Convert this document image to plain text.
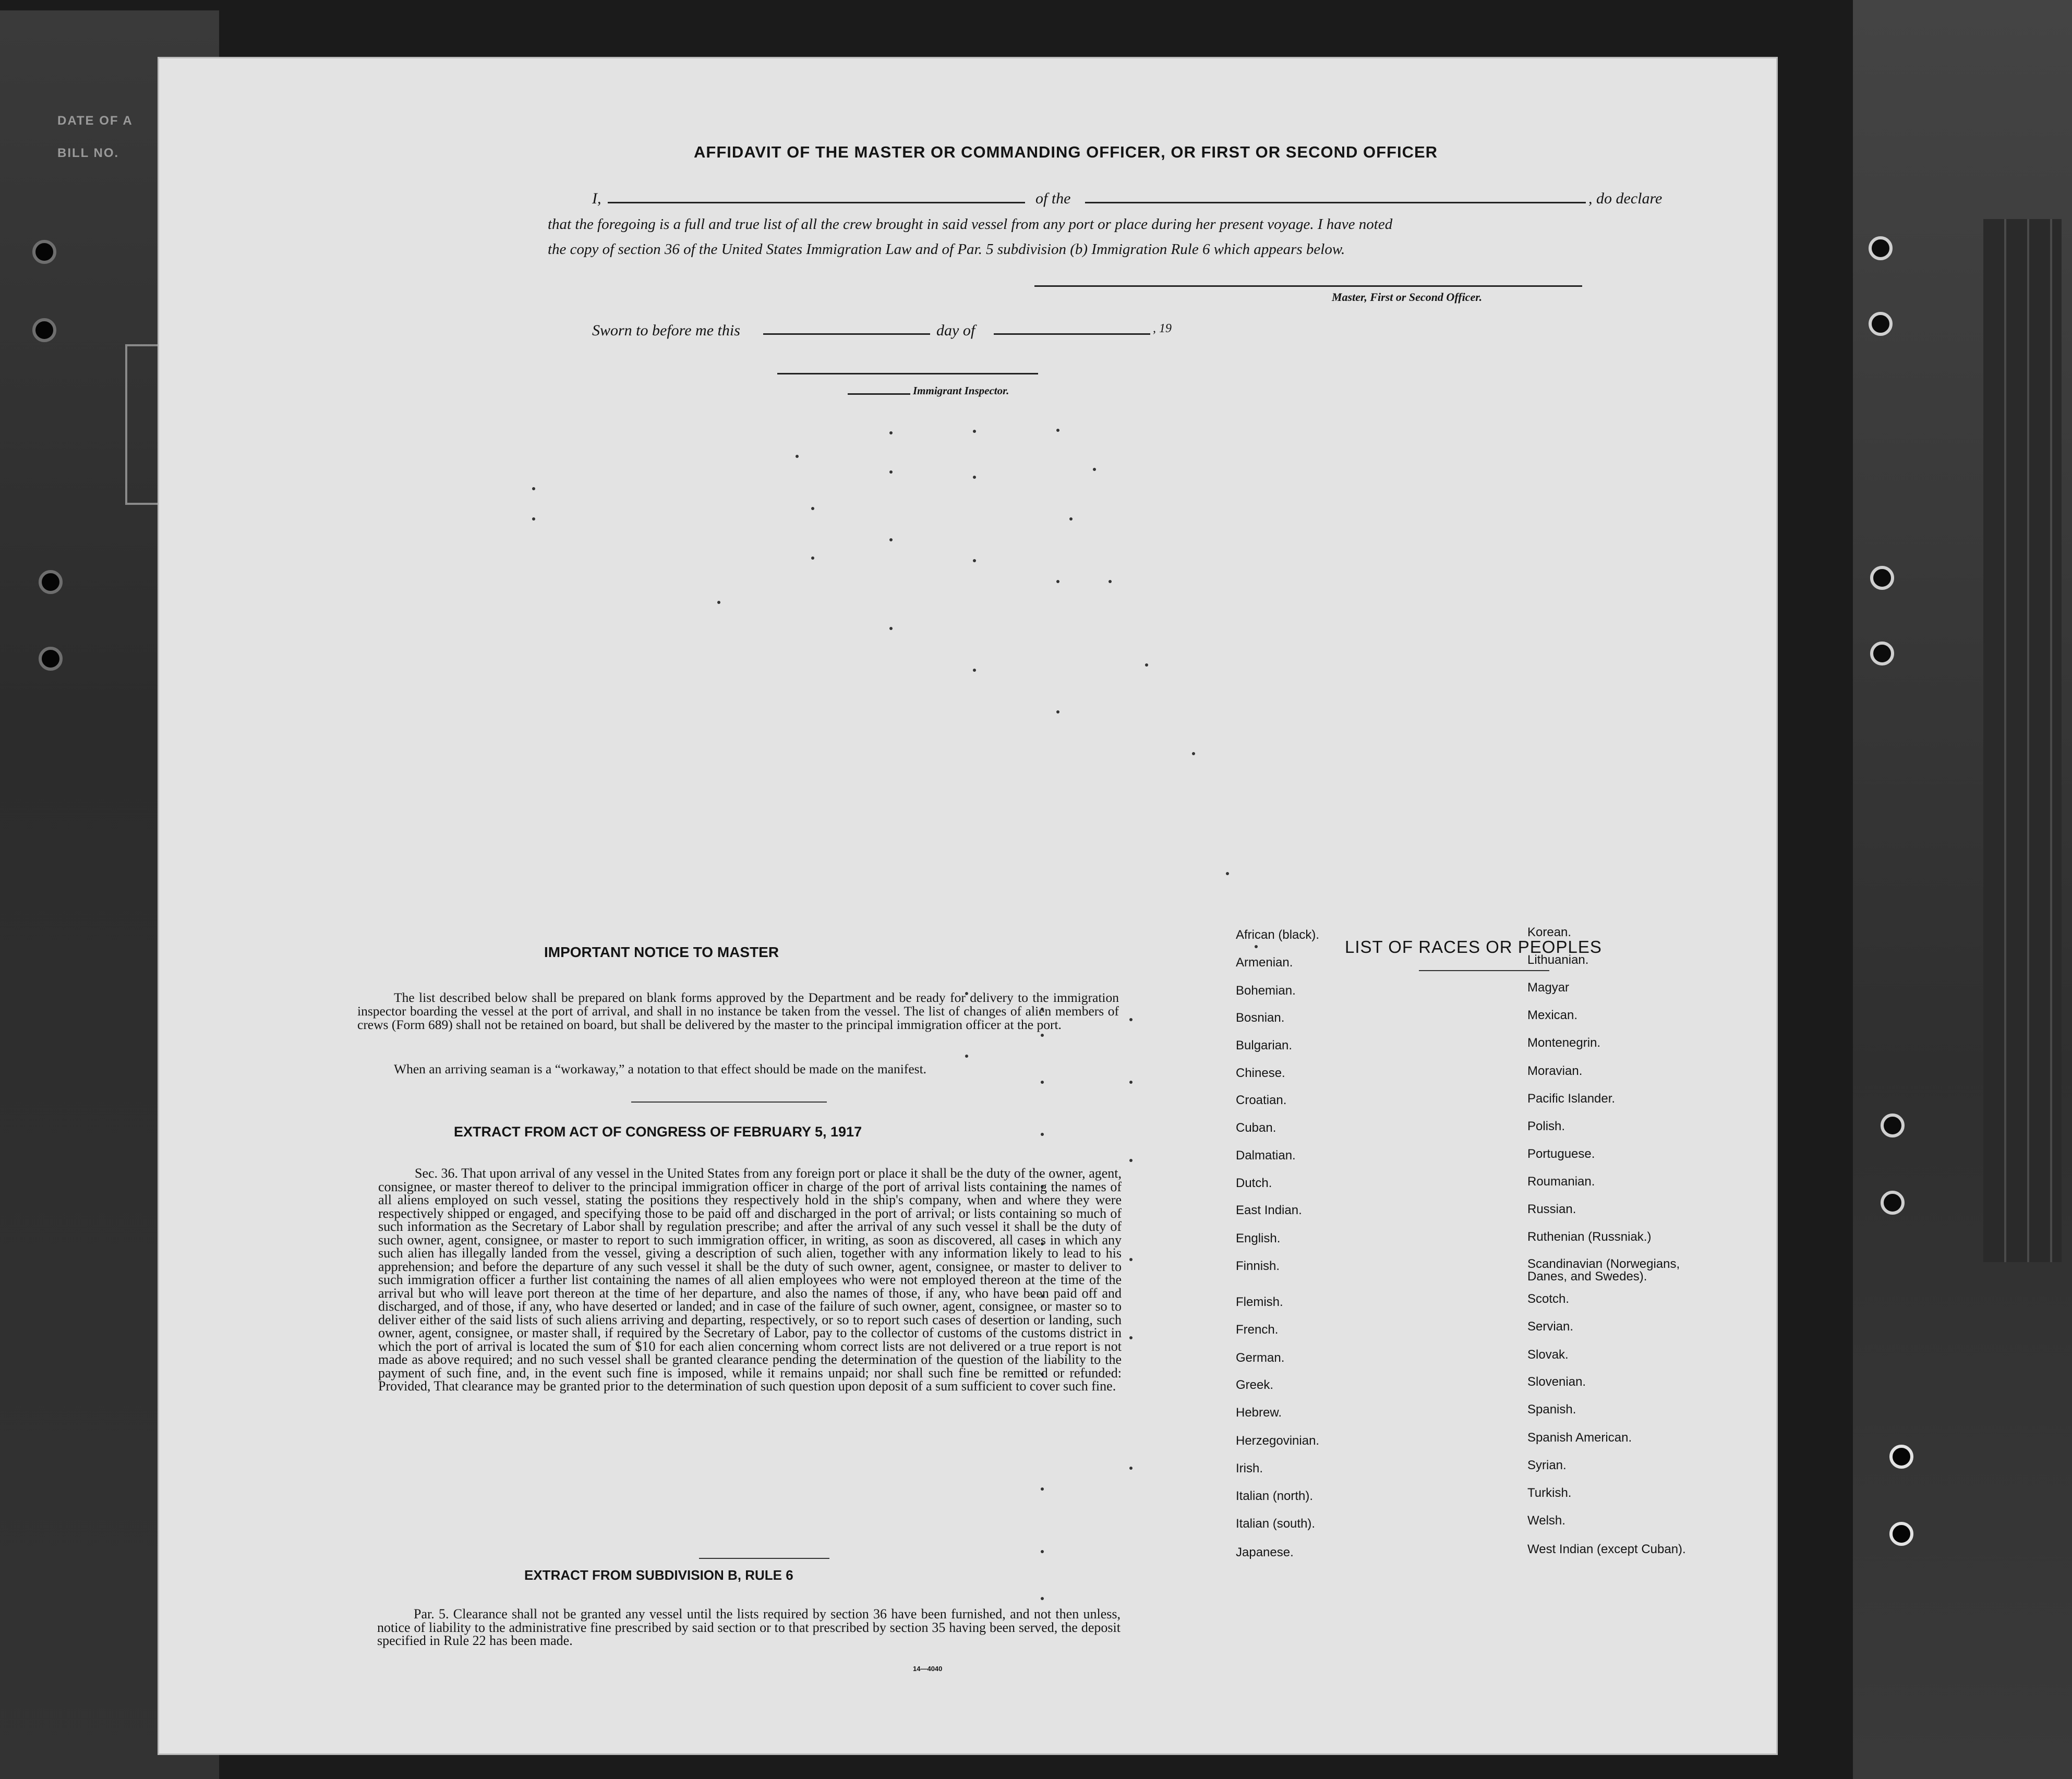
DATE OF A
BILL NO.	AFFIDAVIT OF THE MASTER OR COMMANDING OFFICER, OR FIRST OR SECOND OFFICER
I,	of the	, do declare
that the foregoing is a full and true list of all the crew brought in said vessel from any port or place during her present voyage. I have noted
the copy of section 36 of the United States Immigration Law and of Par. 5 subdivision (b) Immigration Rule 6 which appears below.
Master, First or Second Officer.
Sworn to before me this	day of	, 19
Immigrant Inspector.
IMPORTANT NOTICE TO MASTER
The list described below shall be prepared on blank forms approved by the Department and be ready for delivery to the immigration inspector boarding the vessel at the port of arrival, and shall in no instance be taken from the vessel. The list of changes of alien members of crews (Form 689) shall not be retained on board, but shall be delivered by the master to the principal immigration officer at the port.
When an arriving seaman is a “workaway,” a notation to that effect should be made on the manifest.
EXTRACT FROM ACT OF CONGRESS OF FEBRUARY 5, 1917
Sec. 36. That upon arrival of any vessel in the United States from any foreign port or place it shall be the duty of the owner, agent, consignee, or master thereof to deliver to the principal immigration officer in charge of the port of arrival lists containing the names of all aliens employed on such vessel, stating the positions they respectively hold in the ship's company, when and where they were respectively shipped or engaged, and specifying those to be paid off and discharged in the port of arrival; or lists containing so much of such information as the Secretary of Labor shall by regulation prescribe; and after the arrival of any such vessel it shall be the duty of such owner, agent, consignee, or master to report to such immigration officer, in writing, as soon as discovered, all cases in which any such alien has illegally landed from the vessel, giving a description of such alien, together with any information likely to lead to his apprehension; and before the departure of any such vessel it shall be the duty of such owner, agent, consignee, or master to deliver to such immigration officer a further list containing the names of all alien employees who were not employed thereon at the time of the arrival but who will leave port thereon at the time of her departure, and also the names of those, if any, who have been paid off and discharged, and of those, if any, who have deserted or landed; and in case of the failure of such owner, agent, consignee, or master so to deliver either of the said lists of such aliens arriving and departing, respectively, or so to report such cases of desertion or landing, such owner, agent, consignee, or master shall, if required by the Secretary of Labor, pay to the collector of customs of the customs district in which the port of arrival is located the sum of $10 for each alien concerning whom correct lists are not delivered or a true report is not made as above required; and no such vessel shall be granted clearance pending the determination of the question of the liability to the payment of such fine, and, in the event such fine is imposed, while it remains unpaid; nor shall such fine be remitted or refunded: Provided, That clearance may be granted prior to the determination of such question upon deposit of a sum sufficient to cover such fine.
EXTRACT FROM SUBDIVISION B, RULE 6
Par. 5. Clearance shall not be granted any vessel until the lists required by section 36 have been furnished, and not then unless, notice of liability to the administrative fine prescribed by said section or to that prescribed by section 35 having been served, the deposit specified in Rule 22 has been made.
14—4040
LIST OF RACES OR PEOPLES
African (black).
Armenian.
Bohemian.
Bosnian.
Bulgarian.
Chinese.
Croatian.
Cuban.
Dalmatian.
Dutch.
East Indian.
English.
Finnish.
Flemish.
French.
German.
Greek.
Hebrew.
Herzegovinian.
Irish.
Italian (north).
Italian (south).
Japanese.
Korean.
Lithuanian.
Magyar
Mexican.
Montenegrin.
Moravian.
Pacific Islander.
Polish.
Portuguese.
Roumanian.
Russian.
Ruthenian (Russniak.)
Scandinavian (Norwegians, Danes, and Swedes).
Scotch.
Servian.
Slovak.
Slovenian.
Spanish.
Spanish American.
Syrian.
Turkish.
Welsh.
West Indian (except Cuban).
